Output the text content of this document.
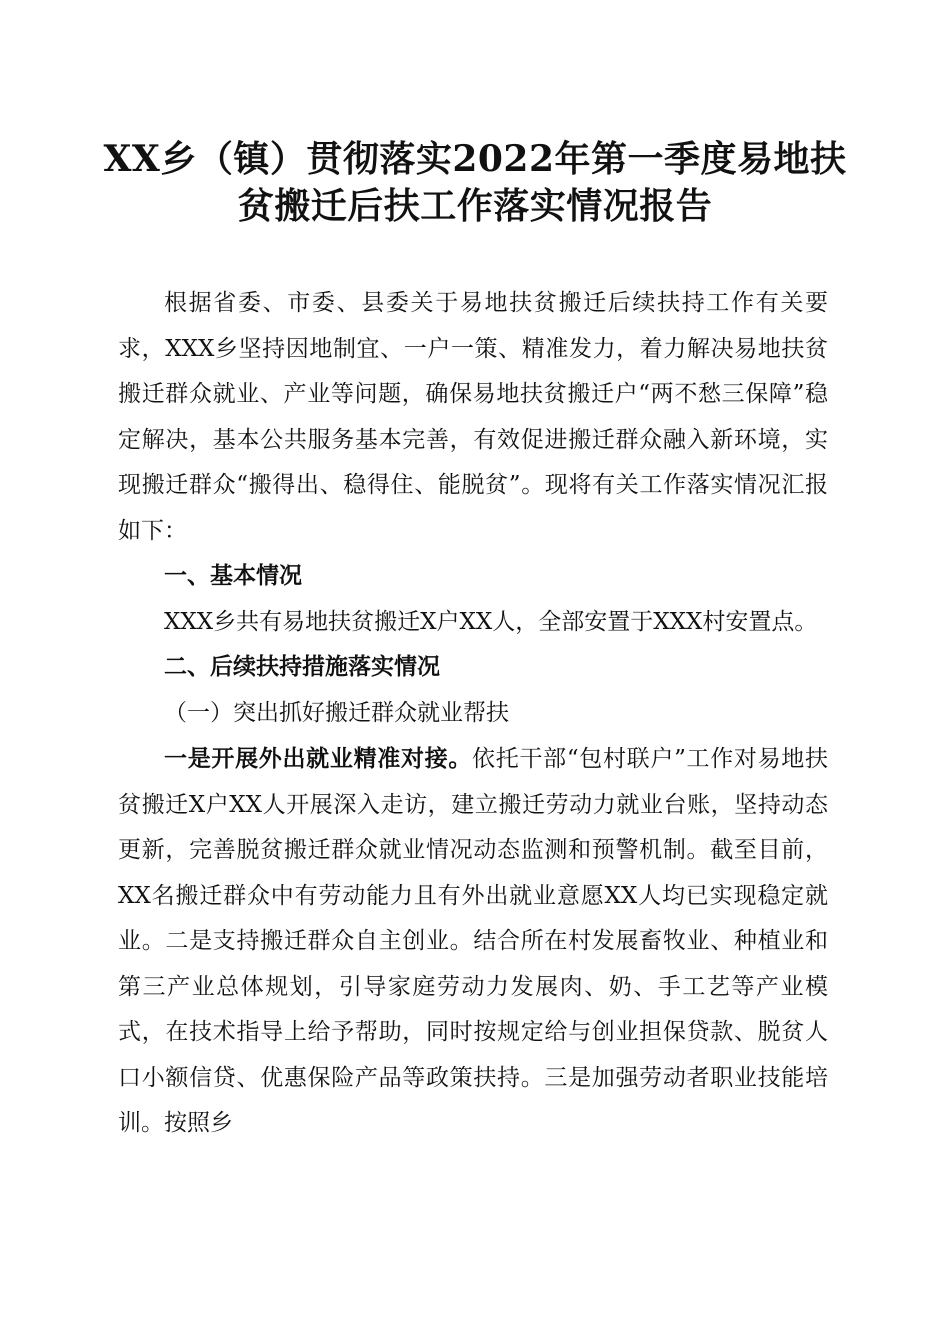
XX乡（镇）贯彻落实2022年第一季度易地扶
贫搬迁后扶工作落实情况报告

根据省委、市委、县委关于易地扶贫搬迁后续扶持工作有关要求，XXX乡坚持因地制宜、一户一策、精准发力，着力解决易地扶贫搬迁群众就业、产业等问题，确保易地扶贫搬迁户“两不愁三保障”稳定解决，基本公共服务基本完善，有效促进搬迁群众融入新环境，实现搬迁群众“搬得出、稳得住、能脱贫”。现将有关工作落实情况汇报如下：

一、基本情况

XXX乡共有易地扶贫搬迁X户XX人，全部安置于XXX村安置点。

二、后续扶持措施落实情况

（一）突出抓好搬迁群众就业帮扶

一是开展外出就业精准对接。依托干部“包村联户”工作对易地扶贫搬迁X户XX人开展深入走访，建立搬迁劳动力就业台账，坚持动态更新，完善脱贫搬迁群众就业情况动态监测和预警机制。截至目前，XX名搬迁群众中有劳动能力且有外出就业意愿XX人均已实现稳定就业。二是支持搬迁群众自主创业。结合所在村发展畜牧业、种植业和第三产业总体规划，引导家庭劳动力发展肉、奶、手工艺等产业模式，在技术指导上给予帮助，同时按规定给与创业担保贷款、脱贫人口小额信贷、优惠保险产品等政策扶持。三是加强劳动者职业技能培训。按照乡
